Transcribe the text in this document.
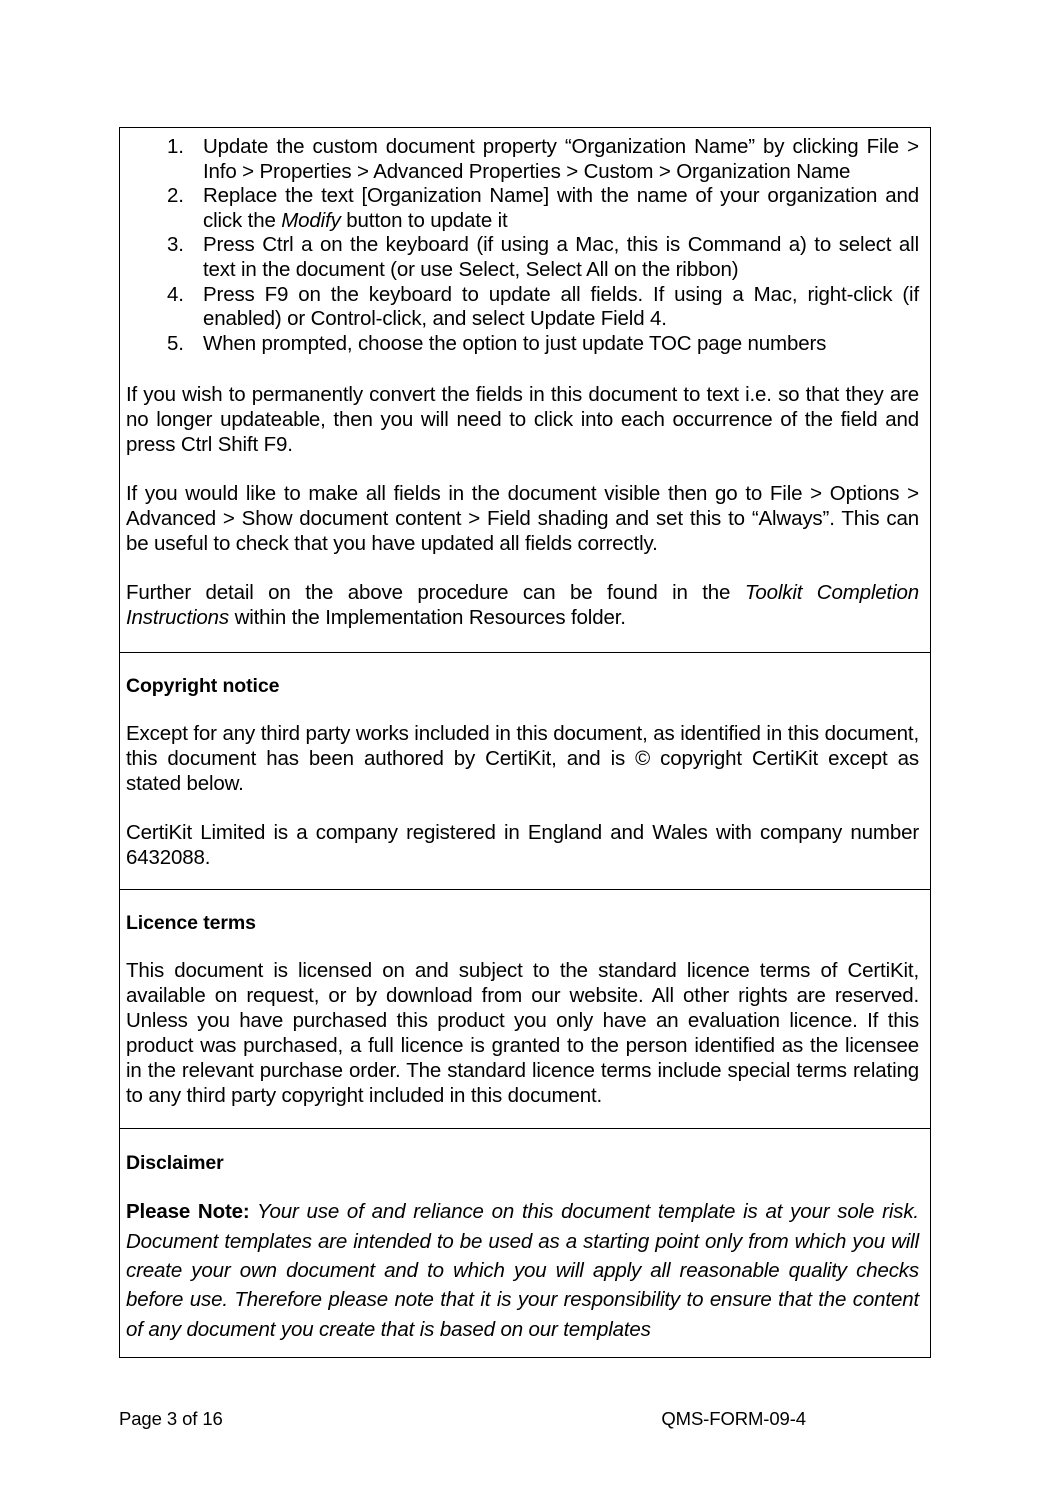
Update the custom document property “Organization Name” by clicking File > Info > Properties > Advanced Properties > Custom > Organization Name
Replace the text [Organization Name] with the name of your organization and click the Modify button to update it
Press Ctrl a on the keyboard (if using a Mac, this is Command a) to select all text in the document (or use Select, Select All on the ribbon)
Press F9 on the keyboard to update all fields. If using a Mac, right-click (if enabled) or Control-click, and select Update Field 4.
When prompted, choose the option to just update TOC page numbers

If you wish to permanently convert the fields in this document to text i.e. so that they are no longer updateable, then you will need to click into each occurrence of the field and press Ctrl Shift F9.

If you would like to make all fields in the document visible then go to File > Options > Advanced > Show document content > Field shading and set this to “Always”. This can be useful to check that you have updated all fields correctly.

Further detail on the above procedure can be found in the Toolkit Completion Instructions within the Implementation Resources folder.

Copyright notice

Except for any third party works included in this document, as identified in this document, this document has been authored by CertiKit, and is © copyright CertiKit except as stated below.

CertiKit Limited is a company registered in England and Wales with company number 6432088.

Licence terms

This document is licensed on and subject to the standard licence terms of CertiKit, available on request, or by download from our website. All other rights are reserved. Unless you have purchased this product you only have an evaluation licence. If this product was purchased, a full licence is granted to the person identified as the licensee in the relevant purchase order. The standard licence terms include special terms relating to any third party copyright included in this document.

Disclaimer

Please Note: Your use of and reliance on this document template is at your sole risk. Document templates are intended to be used as a starting point only from which you will create your own document and to which you will apply all reasonable quality checks before use. Therefore please note that it is your responsibility to ensure that the content of any document you create that is based on our templates

Page 3 of 16	QMS-FORM-09-4
